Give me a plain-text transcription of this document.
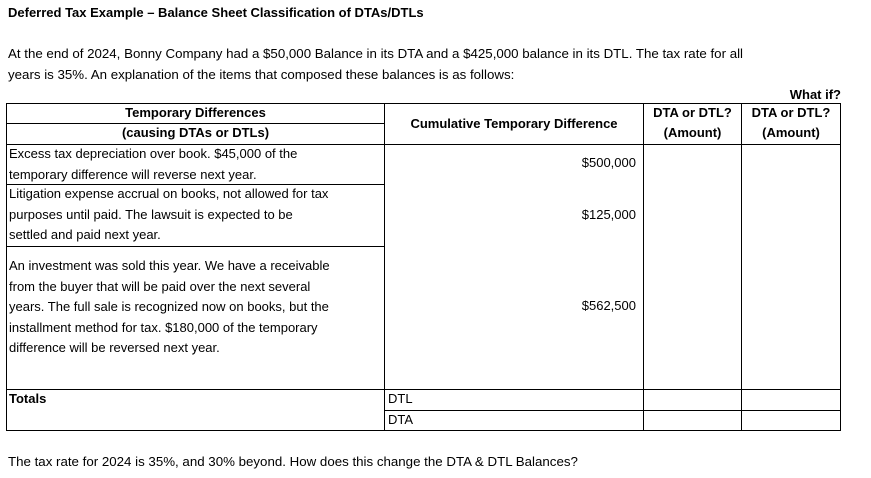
Deferred Tax Example – Balance Sheet Classification of DTAs/DTLs
At the end of 2024, Bonny Company had a $50,000 Balance in its DTA and a $425,000 balance in its DTL. The tax rate for all
years is 35%. An explanation of the items that composed these balances is as follows:
What if?
Temporary Differences
(causing DTAs or DTLs)
Cumulative Temporary Difference
DTA or DTL?
(Amount)
DTA or DTL?
(Amount)
Excess tax depreciation over book. $45,000 of the
temporary difference will reverse next year.
$500,000
Litigation expense accrual on books, not allowed for tax
purposes until paid. The lawsuit is expected to be
settled and paid next year.
$125,000
An investment was sold this year. We have a receivable
from the buyer that will be paid over the next several
years. The full sale is recognized now on books, but the
installment method for tax. $180,000 of the temporary
difference will be reversed next year.
$562,500
Totals	DTL
DTA
The tax rate for 2024 is 35%, and 30% beyond. How does this change the DTA & DTL Balances?
